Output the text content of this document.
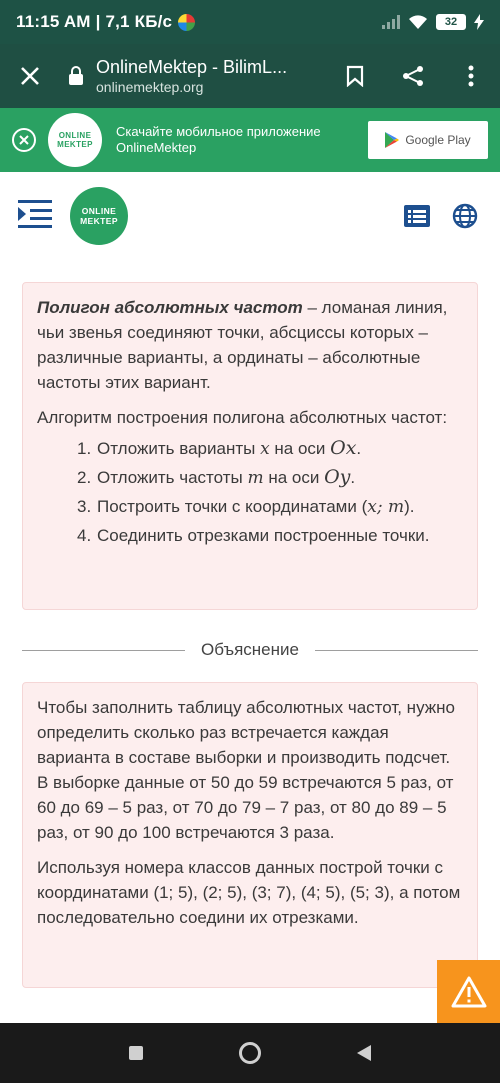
11:15 AM | 7,1 КБ/с	32
OnlineMektep - BilimL...
onlinemektep.org
ONLINE
MEKTEP
Скачайте мобильное приложение OnlineMektep	Google Play
ONLINE
MEKTEP

Полигон абсолютных частот – ломаная линия, чьи звенья соединяют точки, абсциссы которых – различные варианты, а ординаты – абсолютные частоты этих вариант.

Алгоритм построения полигона абсолютных частот:

1. Отложить варианты x на оси Ox.
2. Отложить частоты m на оси Oy.
3. Построить точки с координатами (x; m).
4. Соединить отрезками построенные точки.
Объяснение

Чтобы заполнить таблицу абсолютных частот, нужно определить сколько раз встречается каждая варианта в составе выборки и производить подсчет. В выборке данные от 50 до 59 встречаются 5 раз, от 60 до 69 – 5 раз, от 70 до 79 – 7 раз, от 80 до 89 – 5 раз, от 90 до 100 встречаются 3 раза.

Используя номера классов данных построй точки с координатами (1; 5), (2; 5), (3; 7), (4; 5), (5; 3), а потом последовательно соедини их отрезками.
